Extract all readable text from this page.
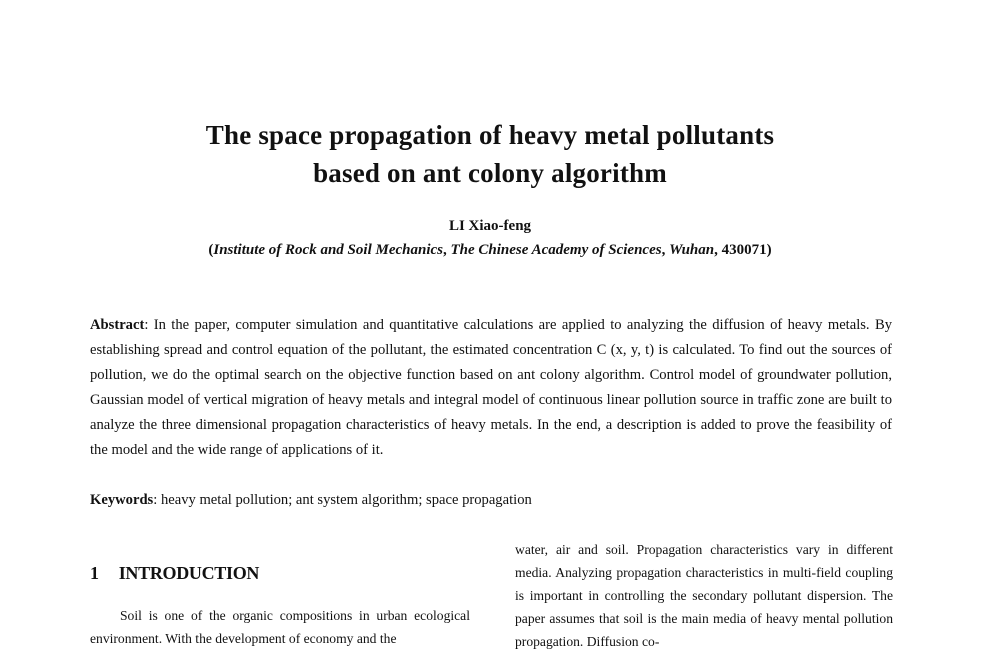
The space propagation of heavy metal pollutants
based on ant colony algorithm
LI Xiao-feng
(Institute of Rock and Soil Mechanics, The Chinese Academy of Sciences, Wuhan, 430071)
Abstract: In the paper, computer simulation and quantitative calculations are applied to analyzing the diffusion of heavy metals. By establishing spread and control equation of the pollutant, the estimated concentration C (x, y, t) is calculated. To find out the sources of pollution, we do the optimal search on the objective function based on ant colony algorithm. Control model of groundwater pollution, Gaussian model of vertical migration of heavy metals and integral model of continuous linear pollution source in traffic zone are built to analyze the three dimensional propagation characteristics of heavy metals. In the end, a description is added to prove the feasibility of the model and the wide range of applications of it.
Keywords: heavy metal pollution; ant system algorithm; space propagation
1 INTRODUCTION
Soil is one of the organic compositions in urban ecological environment. With the development of economy and the
water, air and soil. Propagation characteristics vary in different media. Analyzing propagation characteristics in multi-field coupling is important in controlling the secondary pollutant dispersion. The paper assumes that soil is the main media of heavy mental pollution propagation. Diffusion co-
